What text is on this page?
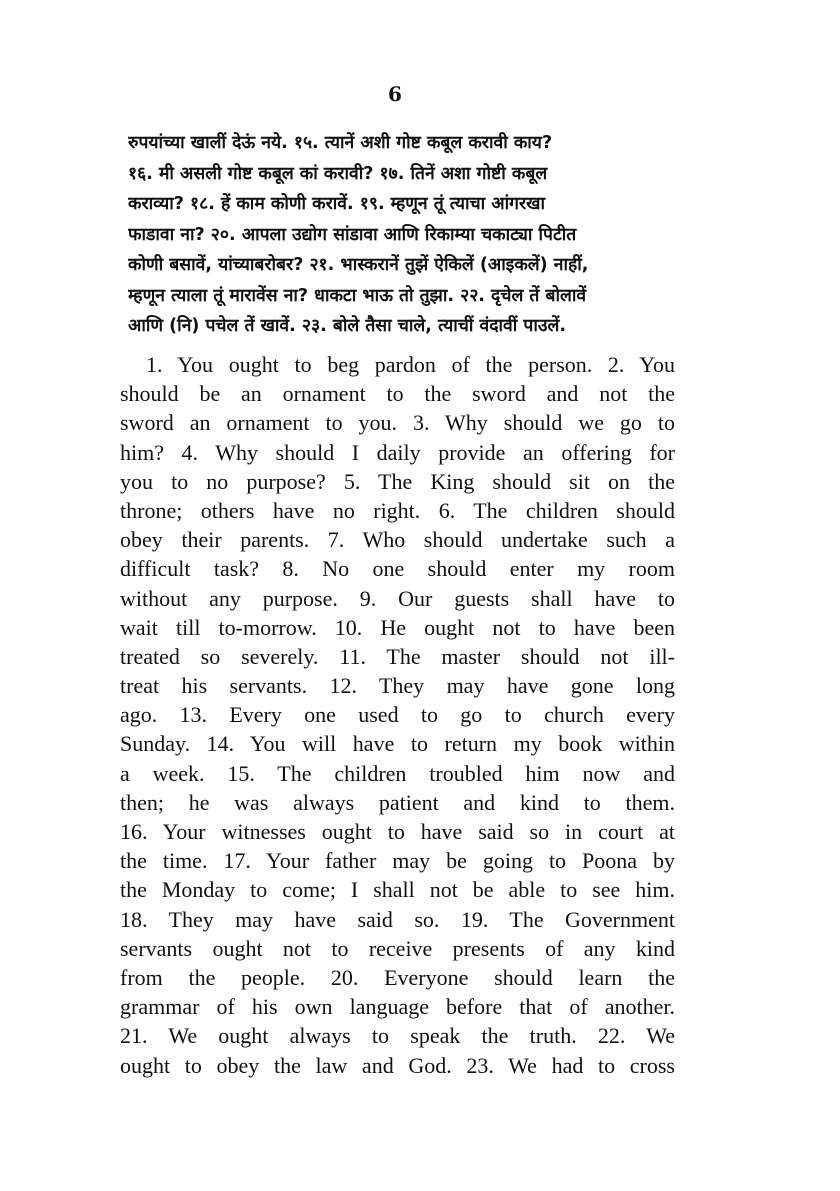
6
रुपयांच्या खालीं देऊं नये. १५. त्यानें अशी गोष्ट कबूल करावी काय?
१६. मी असली गोष्ट कबूल कां करावी? १७. तिनें अशा गोष्टी कबूल
कराव्या? १८. हें काम कोणी करावें. १९. म्हणून तूं त्याचा आंगरखा
फाडावा ना? २०. आपला उद्योग सांडावा आणि रिकाम्या चकाट्या पिटीत
कोणी बसावें, यांच्याबरोबर? २१. भास्करानें तुझें ऐकिलें (आइकलें) नाहीं,
म्हणून त्याला तूं मारावेंस ना? धाकटा भाऊ तो तुझा. २२. दृचेल तें बोलावें
आणि (नि) पचेल तें खावें. २३. बोले तैसा चाले, त्याचीं वंदावीं पाउलें.
1. You ought to beg pardon of the person. 2. You
should be an ornament to the sword and not the
sword an ornament to you. 3. Why should we go to
him? 4. Why should I daily provide an offering for
you to no purpose? 5. The King should sit on the
throne; others have no right. 6. The children should
obey their parents. 7. Who should undertake such a
difficult task? 8. No one should enter my room
without any purpose. 9. Our guests shall have to
wait till to-morrow. 10. He ought not to have been
treated so severely. 11. The master should not ill-
treat his servants. 12. They may have gone long
ago. 13. Every one used to go to church every
Sunday. 14. You will have to return my book within
a week. 15. The children troubled him now and
then; he was always patient and kind to them.
16. Your witnesses ought to have said so in court at
the time. 17. Your father may be going to Poona by
the Monday to come; I shall not be able to see him.
18. They may have said so. 19. The Government
servants ought not to receive presents of any kind
from the people. 20. Everyone should learn the
grammar of his own language before that of another.
21. We ought always to speak the truth. 22. We
ought to obey the law and God. 23. We had to cross
